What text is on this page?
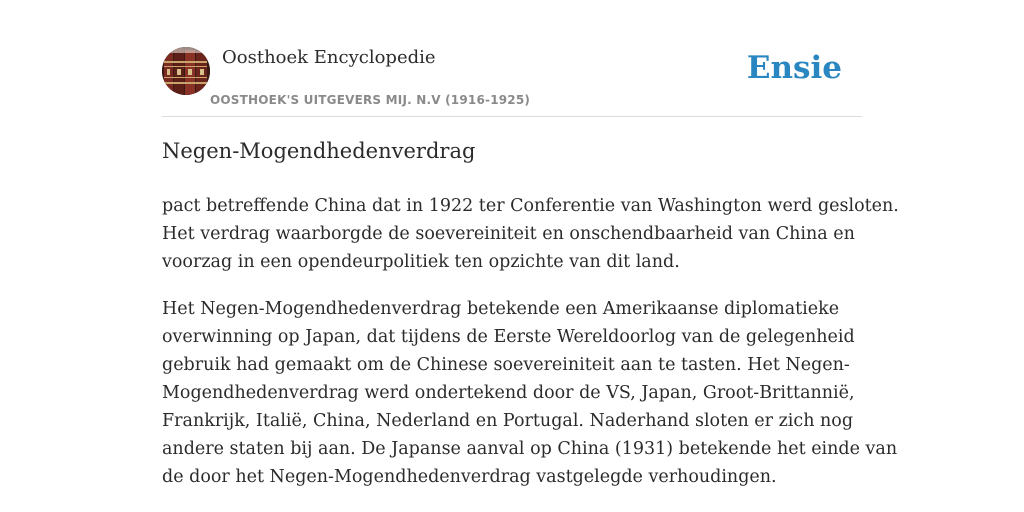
Oosthoek Encyclopedie
OOSTHOEK'S UITGEVERS MIJ. N.V (1916-1925)
Ensie
Negen-Mogendhedenverdrag

pact betreffende China dat in 1922 ter Conferentie van Washington werd gesloten.
Het verdrag waarborgde de soevereiniteit en onschendbaarheid van China en
voorzag in een opendeurpolitiek ten opzichte van dit land.

Het Negen-Mogendhedenverdrag betekende een Amerikaanse diplomatieke
overwinning op Japan, dat tijdens de Eerste Wereldoorlog van de gelegenheid
gebruik had gemaakt om de Chinese soevereiniteit aan te tasten. Het Negen-
Mogendhedenverdrag werd ondertekend door de VS, Japan, Groot-Brittannië,
Frankrijk, Italië, China, Nederland en Portugal. Naderhand sloten er zich nog
andere staten bij aan. De Japanse aanval op China (1931) betekende het einde van
de door het Negen-Mogendhedenverdrag vastgelegde verhoudingen.
